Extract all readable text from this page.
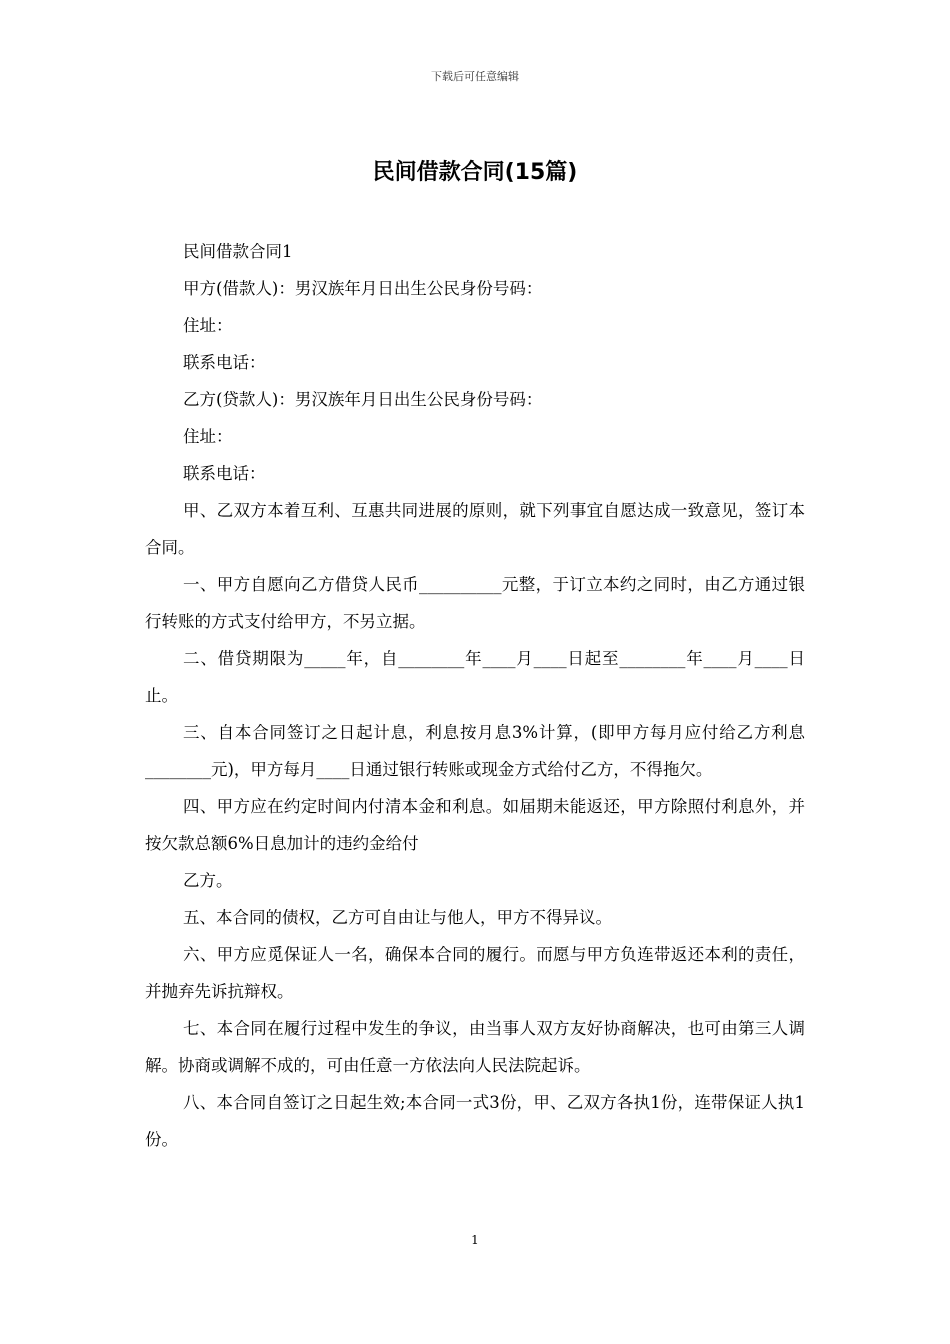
下载后可任意编辑
民间借款合同(15篇)

民间借款合同1

甲方(借款人)：男汉族年月日出生公民身份号码：

住址：

联系电话：

乙方(贷款人)：男汉族年月日出生公民身份号码：

住址：

联系电话：

甲、乙双方本着互利、互惠共同进展的原则，就下列事宜自愿达成一致意见，签订本合同。

一、甲方自愿向乙方借贷人民币__________元整，于订立本约之同时，由乙方通过银行转账的方式支付给甲方，不另立据。

二、借贷期限为_____年，自________年____月____日起至________年____月____日止。

三、自本合同签订之日起计息，利息按月息3%计算，(即甲方每月应付给乙方利息________元)，甲方每月____日通过银行转账或现金方式给付乙方，不得拖欠。

四、甲方应在约定时间内付清本金和利息。如届期未能返还，甲方除照付利息外，并按欠款总额6%日息加计的违约金给付

乙方。

五、本合同的债权，乙方可自由让与他人，甲方不得异议。

六、甲方应觅保证人一名，确保本合同的履行。而愿与甲方负连带返还本利的责任，并抛弃先诉抗辩权。

七、本合同在履行过程中发生的争议，由当事人双方友好协商解决，也可由第三人调解。协商或调解不成的，可由任意一方依法向人民法院起诉。

八、本合同自签订之日起生效;本合同一式3份，甲、乙双方各执1份，连带保证人执1份。

1
